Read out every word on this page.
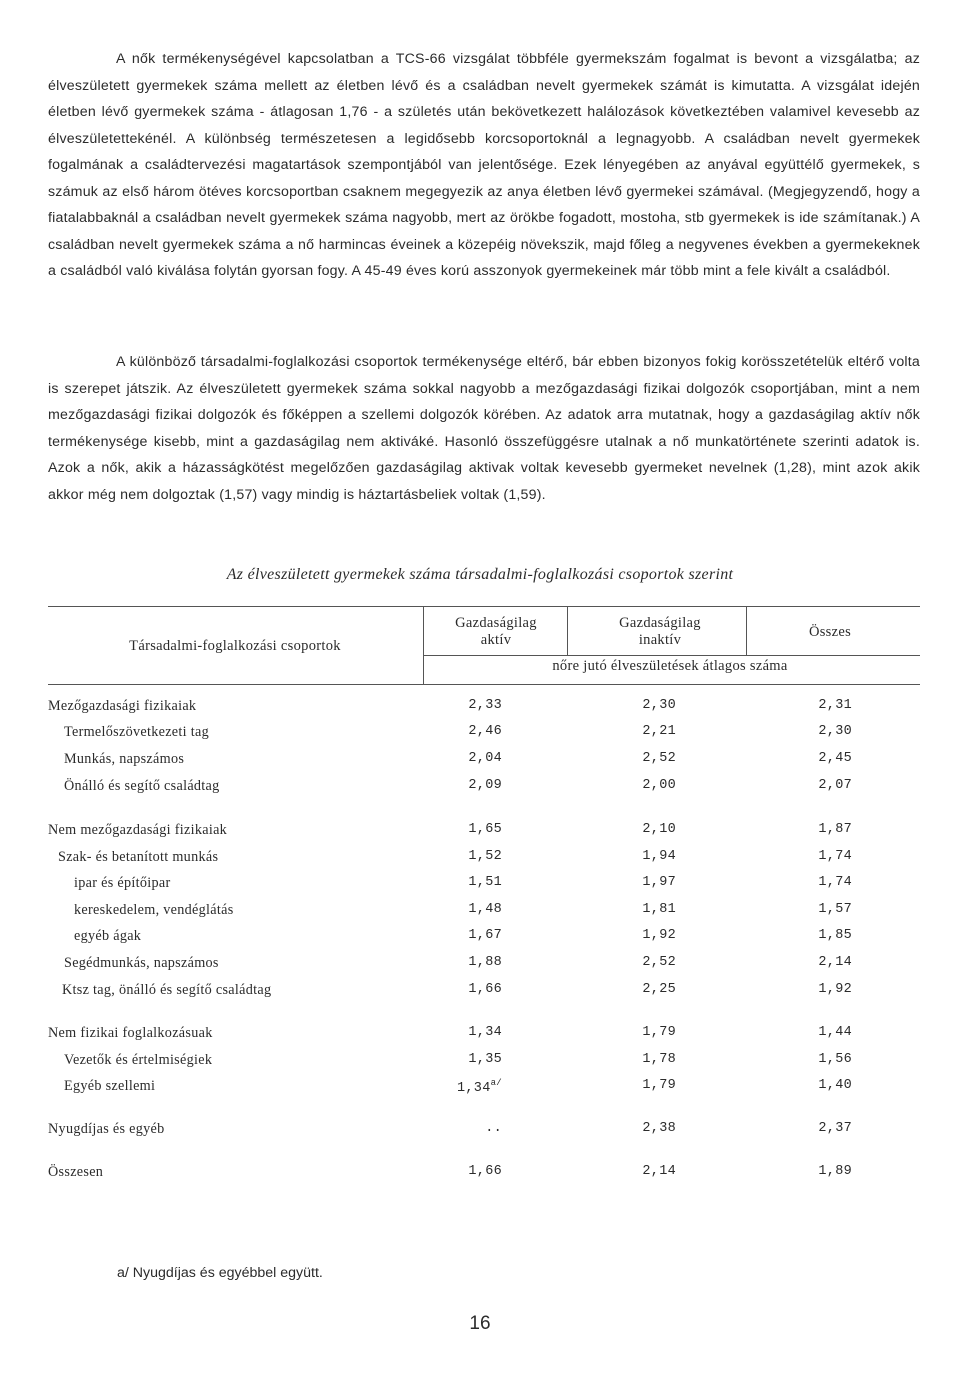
A nők termékenységével kapcsolatban a TCS-66 vizsgálat többféle gyermekszám fogalmat is bevont a vizsgálatba; az élveszületett gyermekek száma mellett az életben lévő és a családban nevelt gyermekek számát is kimutatta. A vizsgálat idején életben lévő gyermekek száma - átlagosan 1,76 - a születés után bekövetkezett halálozások következtében valamivel kevesebb az élveszületettekénél. A különbség természetesen a legidősebb korcsoportoknál a legnagyobb. A családban nevelt gyermekek fogalmának a családtervezési magatartások szempontjából van jelentősége. Ezek lényegében az anyával együttélő gyermekek, s számuk az első három ötéves korcsoportban csaknem megegyezik az anya életben lévő gyermekei számával. (Megjegyzendő, hogy a fiatalabbaknál a családban nevelt gyermekek száma nagyobb, mert az örökbe fogadott, mostoha, stb gyermekek is ide számítanak.) A családban nevelt gyermekek száma a nő harmincas éveinek a közepéig növekszik, majd főleg a negyvenes években a gyermekeknek a családból való kiválása folytán gyorsan fogy. A 45-49 éves korú asszonyok gyermekeinek már több mint a fele kivált a családból.

A különböző társadalmi-foglalkozási csoportok termékenysége eltérő, bár ebben bizonyos fokig korösszetételük eltérő volta is szerepet játszik. Az élveszületett gyermekek száma sokkal nagyobb a mezőgazdasági fizikai dolgozók csoportjában, mint a nem mezőgazdasági fizikai dolgozók és főképpen a szellemi dolgozók körében. Az adatok arra mutatnak, hogy a gazdaságilag aktív nők termékenysége kisebb, mint a gazdaságilag nem aktiváké. Hasonló összefüggésre utalnak a nő munkatörténete szerinti adatok is. Azok a nők, akik a házasságkötést megelőzően gazdaságilag aktivak voltak kevesebb gyermeket nevelnek (1,28), mint azok akik akkor még nem dolgoztak (1,57) vagy mindig is háztartásbeliek voltak (1,59).

Az élveszületett gyermekek száma társadalmi-foglalkozási csoportok szerint
Társadalmi-foglalkozási csoportok
Gazdaságilag aktív
Gazdaságilag inaktív	Összes
nőre jutó élveszületések átlagos száma
Mezőgazdasági fizikaiak	2,33	2,30	2,31
Termelőszövetkezeti tag	2,46	2,21	2,30
Munkás, napszámos	2,04	2,52	2,45
Önálló és segítő családtag	2,09	2,00	2,07
Nem mezőgazdasági fizikaiak	1,65	2,10	1,87
Szak- és betanított munkás	1,52	1,94	1,74
ipar és építőipar	1,51	1,97	1,74
kereskedelem, vendéglátás	1,48	1,81	1,57
egyéb ágak	1,67	1,92	1,85
Segédmunkás, napszámos	1,88	2,52	2,14
Ktsz tag, önálló és segítő családtag	1,66	2,25	1,92
Nem fizikai foglalkozásuak	1,34	1,79	1,44
Vezetők és értelmiségiek	1,35	1,78	1,56
Egyéb szellemi	$1,34^{a/}$	1,79	1,40
Nyugdíjas és egyéb	..	2,38	2,37
Összesen	1,66	2,14	1,89
a/ Nyugdíjas és egyébbel együtt.
16
